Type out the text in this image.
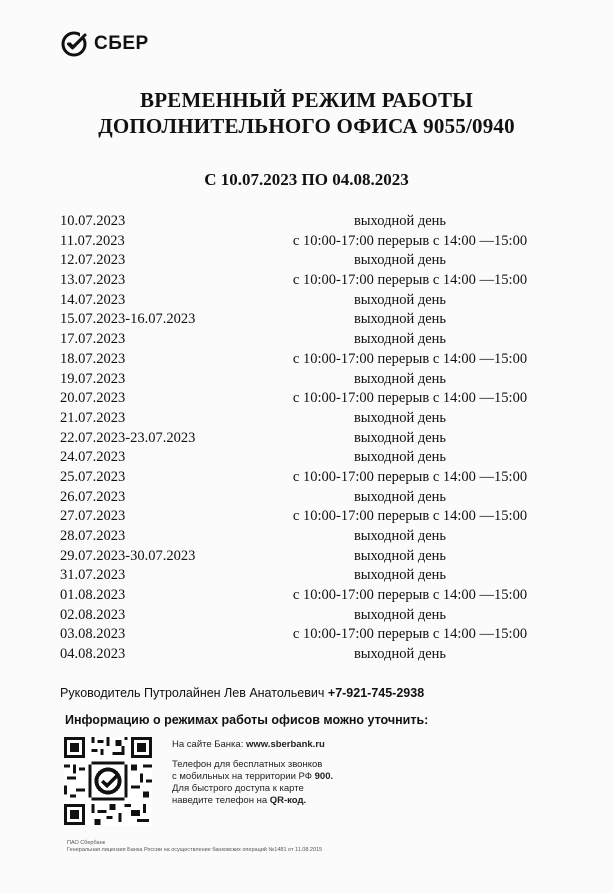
СБЕР
ВРЕМЕННЫЙ РЕЖИМ РАБОТЫ
ДОПОЛНИТЕЛЬНОГО ОФИСА 9055/0940
С 10.07.2023 ПО 04.08.2023
10.07.2023	выходной день
11.07.2023	с 10:00-17:00 перерыв с 14:00 —15:00
12.07.2023	выходной день
13.07.2023	с 10:00-17:00 перерыв с 14:00 —15:00
14.07.2023	выходной день
15.07.2023-16.07.2023	выходной день
17.07.2023	выходной день
18.07.2023	с 10:00-17:00 перерыв с 14:00 —15:00
19.07.2023	выходной день
20.07.2023	с 10:00-17:00 перерыв с 14:00 —15:00
21.07.2023	выходной день
22.07.2023-23.07.2023	выходной день
24.07.2023	выходной день
25.07.2023	с 10:00-17:00 перерыв с 14:00 —15:00
26.07.2023	выходной день
27.07.2023	с 10:00-17:00 перерыв с 14:00 —15:00
28.07.2023	выходной день
29.07.2023-30.07.2023	выходной день
31.07.2023	выходной день
01.08.2023	с 10:00-17:00 перерыв с 14:00 —15:00
02.08.2023	выходной день
03.08.2023	с 10:00-17:00 перерыв с 14:00 —15:00
04.08.2023	выходной день
Руководитель Путролайнен Лев Анатольевич +7-921-745-2938
Информацию о режимах работы офисов можно уточнить:
На сайте Банка: www.sberbank.ru
Телефон для бесплатных звонков
с мобильных на территории РФ 900.
Для быстрого доступа к карте
наведите телефон на QR-код.
ПАО Сбербанк
Генеральная лицензия Банка России на осуществление банковских операций №1481 от 11.08.2015
